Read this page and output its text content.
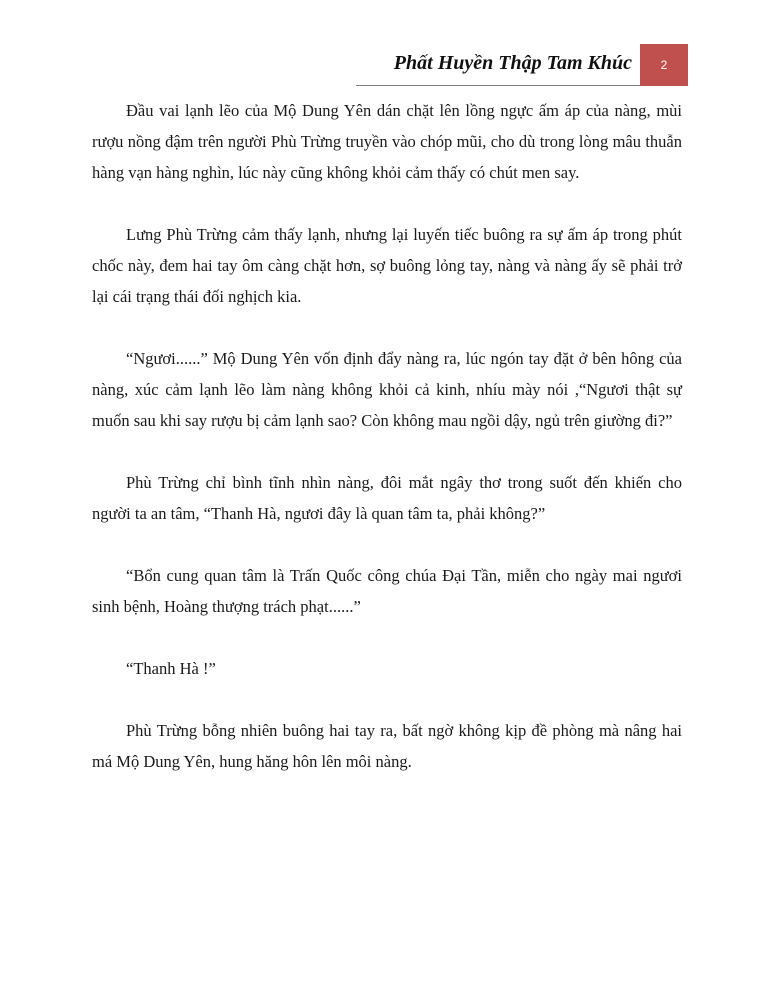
Phất Huyền Thập Tam Khúc	2

Đầu vai lạnh lẽo của Mộ Dung Yên dán chặt lên lồng ngực ấm áp của nàng, mùi rượu nồng đậm trên người Phù Trừng truyền vào chóp mũi, cho dù trong lòng mâu thuẫn hàng vạn hàng nghìn, lúc này cũng không khỏi cảm thấy có chút men say.

Lưng Phù Trừng cảm thấy lạnh, nhưng lại luyến tiếc buông ra sự ấm áp trong phút chốc này, đem hai tay ôm càng chặt hơn, sợ buông lỏng tay, nàng và nàng ấy sẽ phải trở lại cái trạng thái đối nghịch kia.

“Ngươi......” Mộ Dung Yên vốn định đẩy nàng ra, lúc ngón tay đặt ở bên hông của nàng, xúc cảm lạnh lẽo làm nàng không khỏi cả kinh, nhíu mày nói ,“Ngươi thật sự muốn sau khi say rượu bị cảm lạnh sao? Còn không mau ngồi dậy, ngủ trên giường đi?”

Phù Trừng chỉ bình tĩnh nhìn nàng, đôi mắt ngây thơ trong suốt đến khiến cho người ta an tâm, “Thanh Hà, ngươi đây là quan tâm ta, phải không?”

“Bổn cung quan tâm là Trấn Quốc công chúa Đại Tần, miễn cho ngày mai ngươi sinh bệnh, Hoàng thượng trách phạt......”

“Thanh Hà !”

Phù Trừng bỗng nhiên buông hai tay ra, bất ngờ không kịp đề phòng mà nâng hai má Mộ Dung Yên, hung hăng hôn lên môi nàng.
